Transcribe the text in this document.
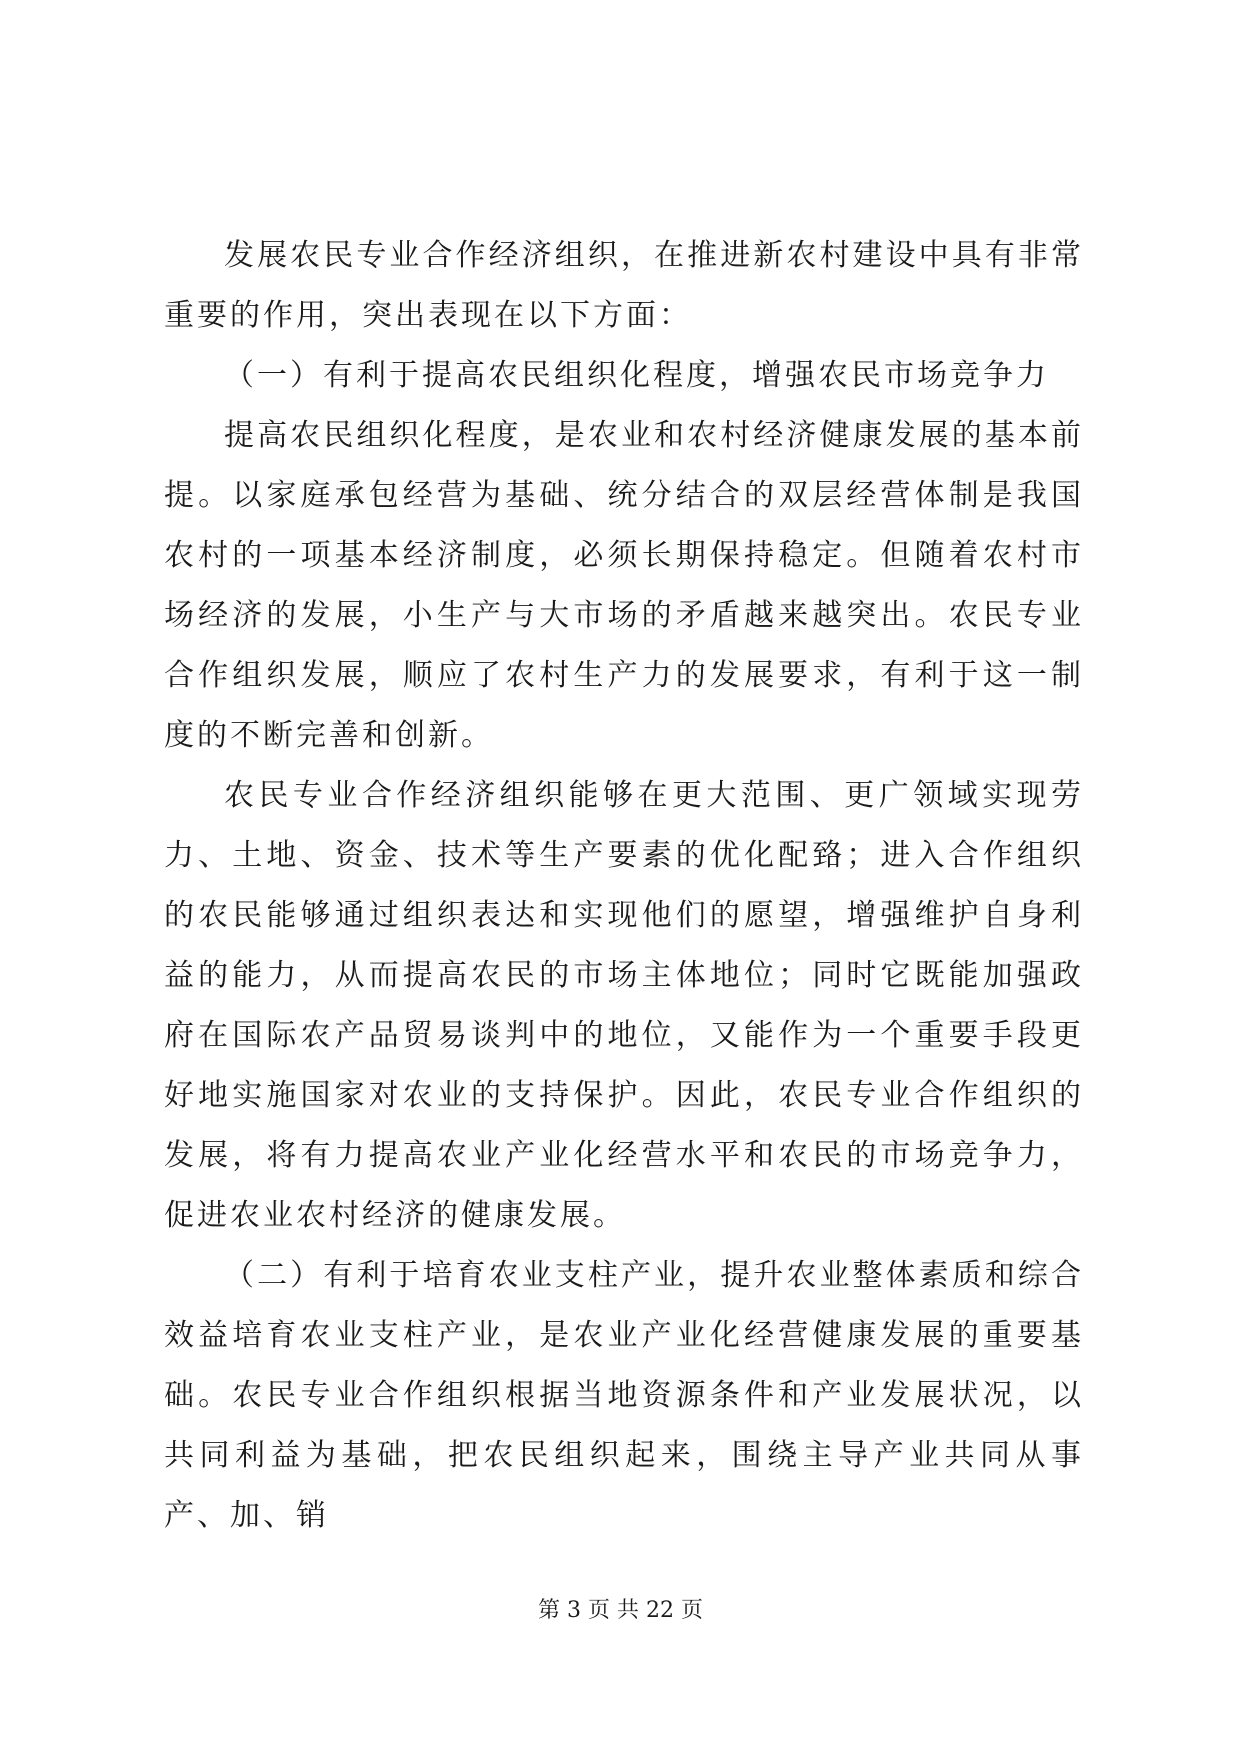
发展农民专业合作经济组织，在推进新农村建设中具有非常重要的作用，突出表现在以下方面：

（一）有利于提高农民组织化程度，增强农民市场竞争力

提高农民组织化程度，是农业和农村经济健康发展的基本前提。以家庭承包经营为基础、统分结合的双层经营体制是我国农村的一项基本经济制度，必须长期保持稳定。但随着农村市场经济的发展，小生产与大市场的矛盾越来越突出。农民专业合作组织发展，顺应了农村生产力的发展要求，有利于这一制度的不断完善和创新。

农民专业合作经济组织能够在更大范围、更广领域实现劳力、土地、资金、技术等生产要素的优化配臵；进入合作组织的农民能够通过组织表达和实现他们的愿望，增强维护自身利益的能力，从而提高农民的市场主体地位；同时它既能加强政府在国际农产品贸易谈判中的地位，又能作为一个重要手段更好地实施国家对农业的支持保护。因此，农民专业合作组织的发展，将有力提高农业产业化经营水平和农民的市场竞争力，促进农业农村经济的健康发展。

（二）有利于培育农业支柱产业，提升农业整体素质和综合效益培育农业支柱产业，是农业产业化经营健康发展的重要基础。农民专业合作组织根据当地资源条件和产业发展状况，以共同利益为基础，把农民组织起来，围绕主导产业共同从事产、加、销

第 3 页 共 22 页
